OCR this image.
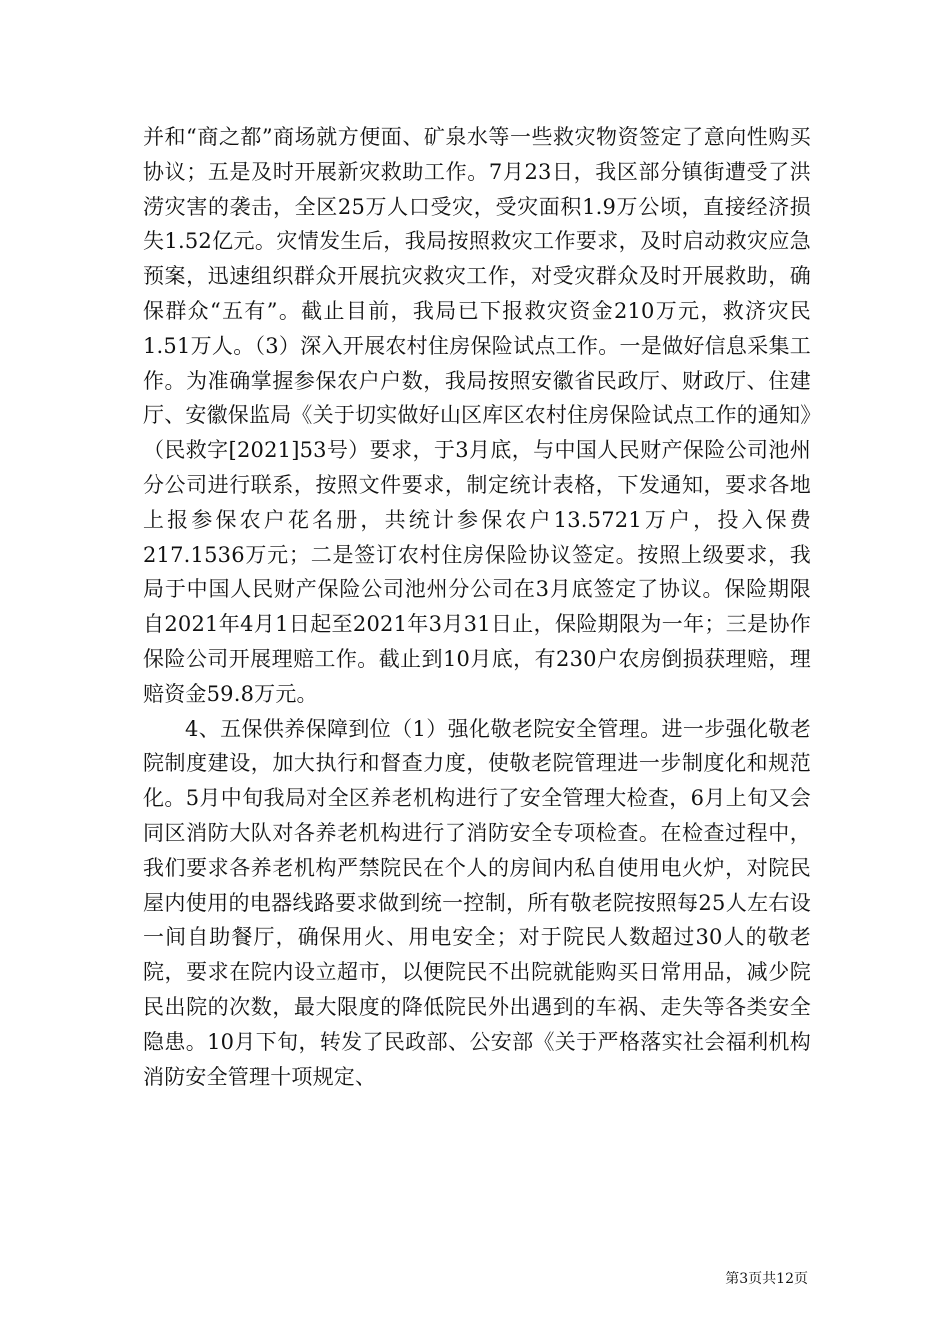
并和“商之都”商场就方便面、矿泉水等一些救灾物资签定了意向性购买协议；五是及时开展新灾救助工作。7月23日，我区部分镇街遭受了洪涝灾害的袭击，全区25万人口受灾，受灾面积1.9万公顷，直接经济损失1.52亿元。灾情发生后，我局按照救灾工作要求，及时启动救灾应急预案，迅速组织群众开展抗灾救灾工作，对受灾群众及时开展救助，确保群众“五有”。截止目前，我局已下报救灾资金210万元，救济灾民1.51万人。（3）深入开展农村住房保险试点工作。一是做好信息采集工作。为准确掌握参保农户户数，我局按照安徽省民政厅、财政厅、住建厅、安徽保监局《关于切实做好山区库区农村住房保险试点工作的通知》（民救字[2021]53号）要求，于3月底，与中国人民财产保险公司池州分公司进行联系，按照文件要求，制定统计表格，下发通知，要求各地上报参保农户花名册，共统计参保农户13.5721万户，投入保费217.1536万元；二是签订农村住房保险协议签定。按照上级要求，我局于中国人民财产保险公司池州分公司在3月底签定了协议。保险期限自2021年4月1日起至2021年3月31日止，保险期限为一年；三是协作保险公司开展理赔工作。截止到10月底，有230户农房倒损获理赔，理赔资金59.8万元。

4、五保供养保障到位（1）强化敬老院安全管理。进一步强化敬老院制度建设，加大执行和督查力度，使敬老院管理进一步制度化和规范化。5月中旬我局对全区养老机构进行了安全管理大检查，6月上旬又会同区消防大队对各养老机构进行了消防安全专项检查。在检查过程中，我们要求各养老机构严禁院民在个人的房间内私自使用电火炉，对院民屋内使用的电器线路要求做到统一控制，所有敬老院按照每25人左右设一间自助餐厅，确保用火、用电安全；对于院民人数超过30人的敬老院，要求在院内设立超市，以便院民不出院就能购买日常用品，减少院民出院的次数，最大限度的降低院民外出遇到的车祸、走失等各类安全隐患。10月下旬，转发了民政部、公安部《关于严格落实社会福利机构消防安全管理十项规定、

第3页共12页
